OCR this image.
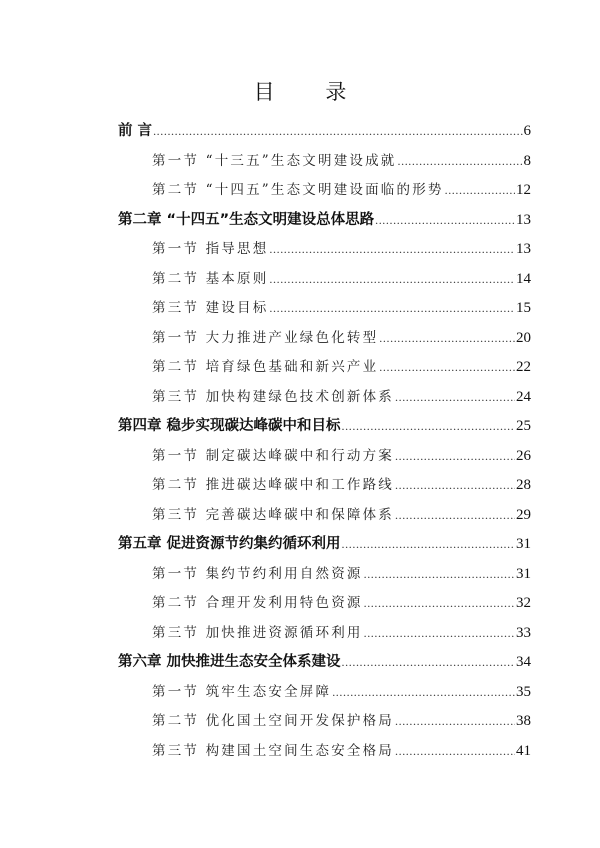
目 录
前 言 .....	6
第一节 “十三五”生态文明建设成就 .....	8
第二节 “十四五”生态文明建设面临的形势 .....	12
第二章 “十四五”生态文明建设总体思路 .....	13
第一节 指导思想 .....	13
第二节 基本原则 .....	14
第三节 建设目标 .....	15
第一节 大力推进产业绿色化转型 .....	20
第二节 培育绿色基础和新兴产业 .....	22
第三节 加快构建绿色技术创新体系 .....	24
第四章 稳步实现碳达峰碳中和目标 .....	25
第一节 制定碳达峰碳中和行动方案 .....	26
第二节 推进碳达峰碳中和工作路线 .....	28
第三节 完善碳达峰碳中和保障体系 .....	29
第五章 促进资源节约集约循环利用 .....	31
第一节 集约节约利用自然资源 .....	31
第二节 合理开发利用特色资源 .....	32
第三节 加快推进资源循环利用 .....	33
第六章 加快推进生态安全体系建设 .....	34
第一节 筑牢生态安全屏障 .....	35
第二节 优化国土空间开发保护格局 .....	38
第三节 构建国土空间生态安全格局 .....	41
